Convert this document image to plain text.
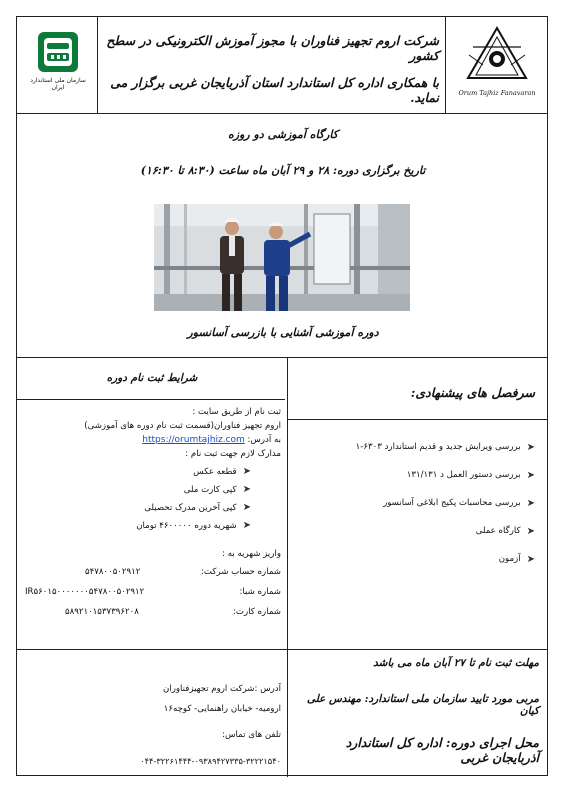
سازمان ملی استاندارد ایران
شرکت اروم تجهیز فناوران با مجوز آموزش الکترونیکی در سطح کشور
با همکاری اداره کل استاندارد استان آذربایجان غربی برگزار می نماید.	Orum Tajhiz Fanavaran
کارگاه آموزشی دو روزه
تاریخ برگزاری دوره: ۲۸ و ۲۹ آبان ماه ساعت (۸:۳۰ تا ۱۶:۳۰)
دوره آموزشی آشنایی با بازرسی آسانسور
شرایط ثبت نام دوره
ثبت نام از طریق سایت :
اروم تجهیز فناوران(قسمت ثبت نام دوره های آموزشی)
به آدرس: https://orumtajhiz.com
مدارک لازم جهت ثبت نام :
➤
قطعه عکس
➤
کپی کارت ملی
➤
کپی آخرین مدرک تحصیلی
➤
شهریه دوره ۴۶۰۰۰۰۰ تومان
واریز شهریه به :
شماره حساب شرکت:
۵۴۷۸۰۰۵۰۲۹۱۲
شماره شبا:
IR۵۶۰۱۵۰۰۰۰۰۰۰۵۴۷۸۰۰۵۰۲۹۱۲
شماره کارت:
۵۸۹۲۱۰۱۵۳۷۳۹۶۲۰۸
سرفصل های پیشنهادی:
➤
بررسی ویرایش جدید و قدیم استاندارد ۶۳۰۳-۱
➤
بررسی دستور العمل د ۱۳۱/۱۳۱
➤
بررسی محاسبات پکیج ابلاغی آسانسور
➤
کارگاه عملی
➤
آزمون
آدرس :شرکت اروم تجهیزفناوران
ارومیه- خیابان راهنمایی- کوچه۱۶
تلفن های تماس:
۰۴۴-۳۲۲۶۱۴۴۴-۰۹۳۸۹۴۲۷۳۳۵-۳۲۲۲۱۵۴۰
مهلت ثبت نام تا ۲۷ آبان ماه می باشد
مربی مورد تایید سازمان ملی استاندارد: مهندس علی کیان
محل اجرای دوره: اداره کل استاندارد آذربایجان غربی
